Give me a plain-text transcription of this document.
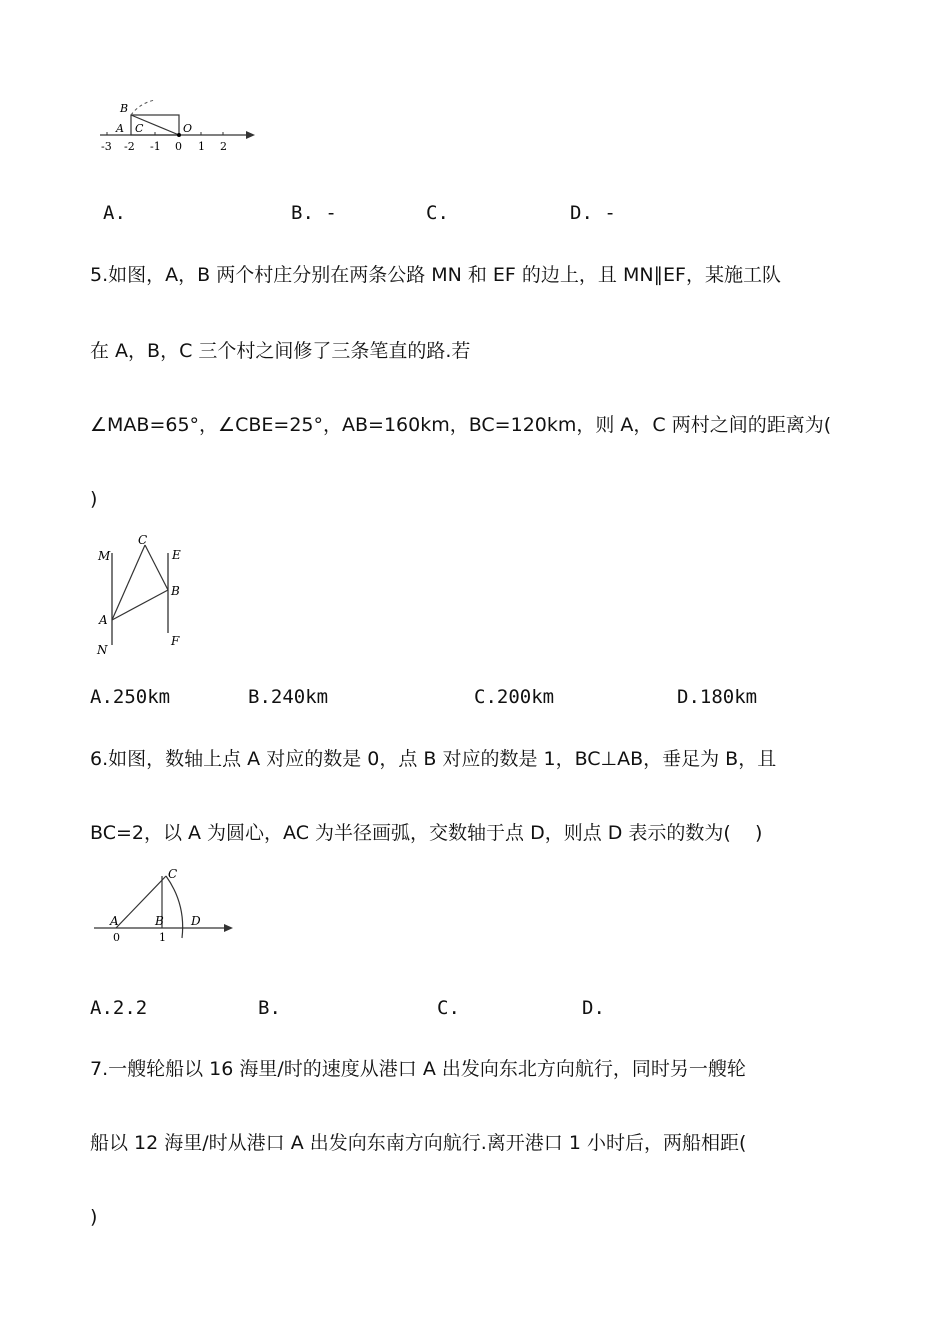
B
A C	O
-3 -2 -1 0 1 2
A.	B. -	C.	D. -
5.如图，A，B 两个村庄分别在两条公路 MN 和 EF 的边上，且 MN∥EF，某施工队
在 A，B，C 三个村之间修了三条笔直的路.若
∠MAB=65°，∠CBE=25°，AB=160km，BC=120km，则 A，C 两村之间的距离为(
)
M
N
C
E
B
A
F
A.250km	B.240km	C.200km	D.180km
6.如图，数轴上点 A 对应的数是 0，点 B 对应的数是 1，BC⊥AB，垂足为 B，且
BC=2，以 A 为圆心，AC 为半径画弧，交数轴于点 D，则点 D 表示的数为(    )
C
A	B D
0	1
A.2.2	B.	C.	D.
7.一艘轮船以 16 海里/时的速度从港口 A 出发向东北方向航行，同时另一艘轮
船以 12 海里/时从港口 A 出发向东南方向航行.离开港口 1 小时后，两船相距(
)
